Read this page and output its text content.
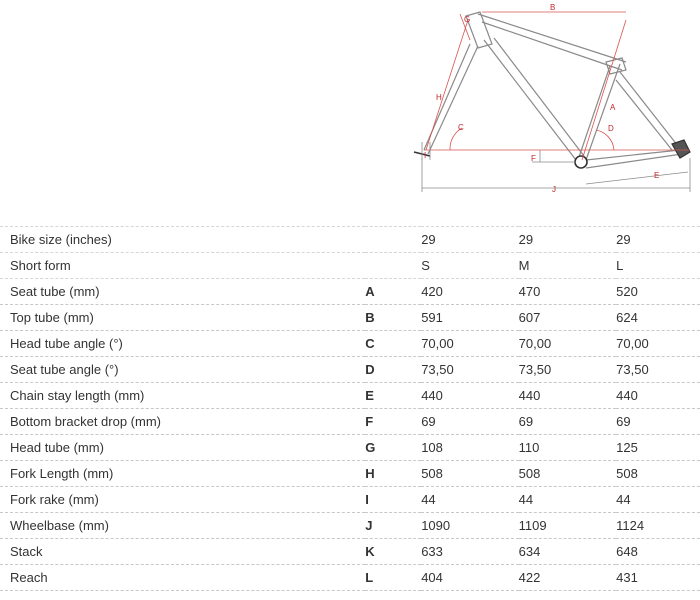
B
A
C	D
E
F
G
H
I
J
Bike size (inches)		29	29	29
Short form		S	M	L
Seat tube (mm)	A	420	470	520
Top tube (mm)	B	591	607	624
Head tube angle (°)	C	70,00	70,00	70,00
Seat tube angle (°)	D	73,50	73,50	73,50
Chain stay length (mm)	E	440	440	440
Bottom bracket drop (mm)	F	69	69	69
Head tube (mm)	G	108	110	125
Fork Length (mm)	H	508	508	508
Fork rake (mm)	I	44	44	44
Wheelbase (mm)	J	1090	1109	1124
Stack	K	633	634	648
Reach	L	404	422	431
